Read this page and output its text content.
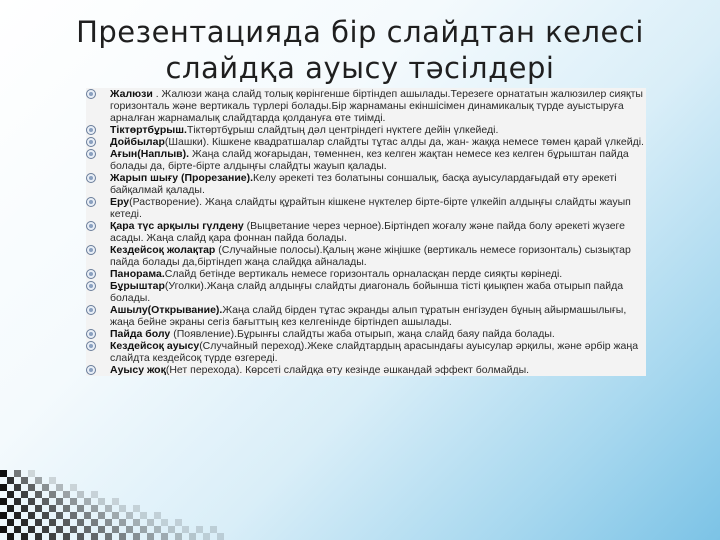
Презентацияда бір слайдтан келесі
слайдқа ауысу тәсілдері
Жалюзи . Жалюзи жаңа слайд толық көрінгенше біртіндеп ашылады.Терезеге орнататын жалюзилер сияқты горизонталь және вертикаль түрлері болады.Бір жарнаманы екіншісімен динамикалық түрде ауыстыруға арналған жарнамалық слайдтарда қолдануға өте тиімді.
Тіктөртбұрыш.Тіктөртбұрыш слайдтың дәл центріндегі нүктеге дейін үлкейеді.
Дойбылар(Шашки). Кішкене квадратшалар слайдты тұтас алды да, жан- жаққа немесе төмен қарай үлкейді.
Ағын(Наплыв). Жаңа слайд жоғарыдан, төменнен, кез келген жақтан немесе кез келген бұрыштан пайда болады да, бірте-бірте алдыңғы слайдты жауып қалады.
Жарып шығу (Прорезание).Келу әрекеті тез болатыны соншалық, басқа ауысулардағыдай өту әрекеті байқалмай қалады.
Еру(Растворение). Жаңа слайдты құрайтын кішкене нүктелер бірте-бірте үлкейіп алдыңғы слайдты жауып кетеді.
Қара түс арқылы гүлдену (Выцветание через черное).Біртіндеп жоғалу және пайда болу әрекеті жүзеге асады. Жаңа слайд қара фоннан пайда болады.
Кездейсоқ жолақтар (Случайные полосы).Қалың және жіңішке (вертикаль немесе горизонталь) сызықтар пайда болады да,біртіндеп жаңа слайдқа айналады.
Панорама.Слайд бетінде вертикаль немесе горизонталь орналасқан перде сияқты көрінеді.
Бұрыштар(Уголки).Жаңа слайд алдыңғы слайдты диагональ бойынша тісті қиықпен жаба отырып пайда болады.
Ашылу(Открывание).Жаңа слайд бірден тұтас экранды алып тұратын енгізуден бұның айырмашылығы, жаңа бейне экраны сегіз бағыттың кез келгенінде біртіндеп ашылады.
Пайда болу (Появление).Бұрынғы слайдты жаба отырып, жаңа слайд баяу пайда болады.
Кездейсоқ ауысу(Случайный переход).Жеке слайдтардың арасындағы ауысулар әрқилы, және әрбір жаңа слайдта кездейсоқ түрде өзгереді.
Ауысу жоқ(Нет перехода). Көрсеті слайдқа өту кезінде әшкандай эффект болмайды.
